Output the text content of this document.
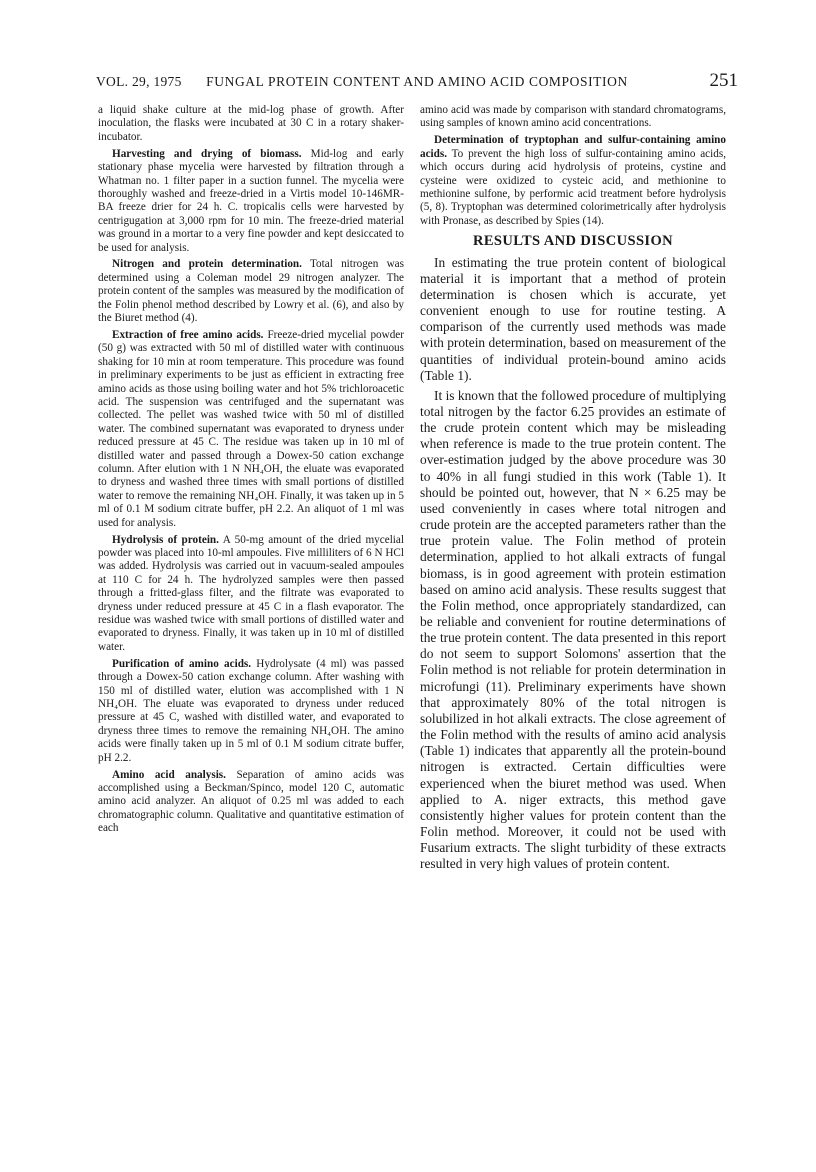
VOL. 29, 1975	FUNGAL PROTEIN CONTENT AND AMINO ACID COMPOSITION	251

a liquid shake culture at the mid-log phase of growth. After inoculation, the flasks were incubated at 30 C in a rotary shaker-incubator.

Harvesting and drying of biomass. Mid-log and early stationary phase mycelia were harvested by filtration through a Whatman no. 1 filter paper in a suction funnel. The mycelia were thoroughly washed and freeze-dried in a Virtis model 10-146MR-BA freeze drier for 24 h. C. tropicalis cells were harvested by centrigugation at 3,000 rpm for 10 min. The freeze-dried material was ground in a mortar to a very fine powder and kept desiccated to be used for analysis.

Nitrogen and protein determination. Total nitrogen was determined using a Coleman model 29 nitrogen analyzer. The protein content of the samples was measured by the modification of the Folin phenol method described by Lowry et al. (6), and also by the Biuret method (4).

Extraction of free amino acids. Freeze-dried mycelial powder (50 g) was extracted with 50 ml of distilled water with continuous shaking for 10 min at room temperature. This procedure was found in preliminary experiments to be just as efficient in extracting free amino acids as those using boiling water and hot 5% trichloroacetic acid. The suspension was centrifuged and the supernatant was collected. The pellet was washed twice with 50 ml of distilled water. The combined supernatant was evaporated to dryness under reduced pressure at 45 C. The residue was taken up in 10 ml of distilled water and passed through a Dowex-50 cation exchange column. After elution with 1 N NH₄OH, the eluate was evaporated to dryness and washed three times with small portions of distilled water to remove the remaining NH₄OH. Finally, it was taken up in 5 ml of 0.1 M sodium citrate buffer, pH 2.2. An aliquot of 1 ml was used for analysis.

Hydrolysis of protein. A 50-mg amount of the dried mycelial powder was placed into 10-ml ampoules. Five milliliters of 6 N HCl was added. Hydrolysis was carried out in vacuum-sealed ampoules at 110 C for 24 h. The hydrolyzed samples were then passed through a fritted-glass filter, and the filtrate was evaporated to dryness under reduced pressure at 45 C in a flash evaporator. The residue was washed twice with small portions of distilled water and evaporated to dryness. Finally, it was taken up in 10 ml of distilled water.

Purification of amino acids. Hydrolysate (4 ml) was passed through a Dowex-50 cation exchange column. After washing with 150 ml of distilled water, elution was accomplished with 1 N NH₄OH. The eluate was evaporated to dryness under reduced pressure at 45 C, washed with distilled water, and evaporated to dryness three times to remove the remaining NH₄OH. The amino acids were finally taken up in 5 ml of 0.1 M sodium citrate buffer, pH 2.2.

Amino acid analysis. Separation of amino acids was accomplished using a Beckman/Spinco, model 120 C, automatic amino acid analyzer. An aliquot of 0.25 ml was added to each chromatographic column. Qualitative and quantitative estimation of each

amino acid was made by comparison with standard chromatograms, using samples of known amino acid concentrations.

Determination of tryptophan and sulfur-containing amino acids. To prevent the high loss of sulfur-containing amino acids, which occurs during acid hydrolysis of proteins, cystine and cysteine were oxidized to cysteic acid, and methionine to methionine sulfone, by performic acid treatment before hydrolysis (5, 8). Tryptophan was determined colorimetrically after hydrolysis with Pronase, as described by Spies (14).

RESULTS AND DISCUSSION

In estimating the true protein content of biological material it is important that a method of protein determination is chosen which is accurate, yet convenient enough to use for routine testing. A comparison of the currently used methods was made with protein determination, based on measurement of the quantities of individual protein-bound amino acids (Table 1).

It is known that the followed procedure of multiplying total nitrogen by the factor 6.25 provides an estimate of the crude protein content which may be misleading when reference is made to the true protein content. The over-estimation judged by the above procedure was 30 to 40% in all fungi studied in this work (Table 1). It should be pointed out, however, that N × 6.25 may be used conveniently in cases where total nitrogen and crude protein are the accepted parameters rather than the true protein value. The Folin method of protein determination, applied to hot alkali extracts of fungal biomass, is in good agreement with protein estimation based on amino acid analysis. These results suggest that the Folin method, once appropriately standardized, can be reliable and convenient for routine determinations of the true protein content. The data presented in this report do not seem to support Solomons' assertion that the Folin method is not reliable for protein determination in microfungi (11). Preliminary experiments have shown that approximately 80% of the total nitrogen is solubilized in hot alkali extracts. The close agreement of the Folin method with the results of amino acid analysis (Table 1) indicates that apparently all the protein-bound nitrogen is extracted. Certain difficulties were experienced when the biuret method was used. When applied to A. niger extracts, this method gave consistently higher values for protein content than the Folin method. Moreover, it could not be used with Fusarium extracts. The slight turbidity of these extracts resulted in very high values of protein content.
